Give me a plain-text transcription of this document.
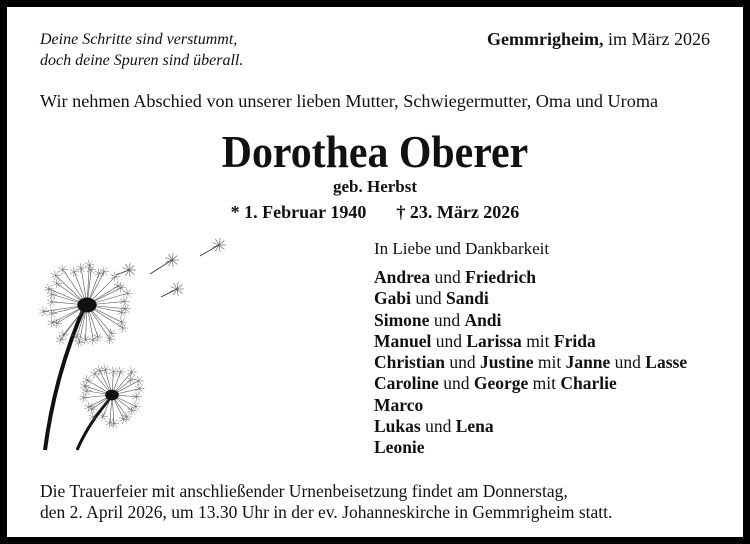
Deine Schritte sind verstummt,
doch deine Spuren sind überall.
Gemmrigheim, im März 2026
Wir nehmen Abschied von unserer lieben Mutter, Schwiegermutter, Oma und Uroma
Dorothea Oberer
geb. Herbst
* 1. Februar 1940 † 23. März 2026
In Liebe und Dankbarkeit
Andrea und Friedrich
Gabi und Sandi
Simone und Andi
Manuel und Larissa mit Frida
Christian und Justine mit Janne und Lasse
Caroline und George mit Charlie
Marco
Lukas und Lena
Leonie
Die Trauerfeier mit anschließender Urnenbeisetzung findet am Donnerstag,
den 2. April 2026, um 13.30 Uhr in der ev. Johanneskirche in Gemmrigheim statt.
